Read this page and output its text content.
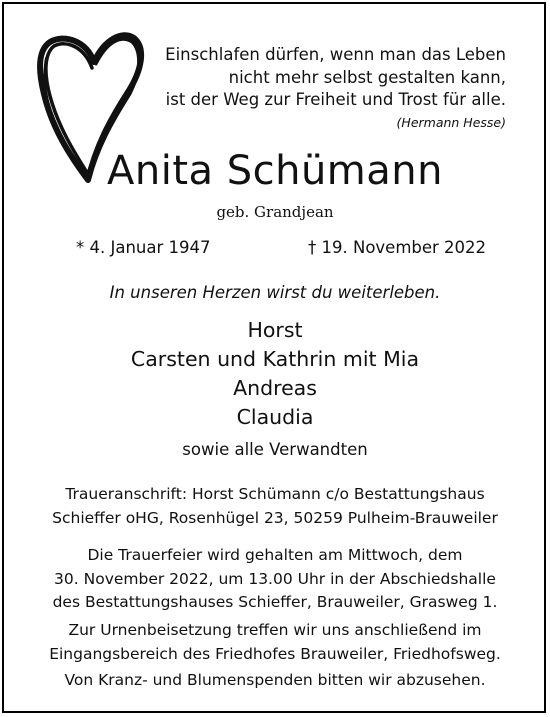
Einschlafen dürfen, wenn man das Leben
nicht mehr selbst gestalten kann,
ist der Weg zur Freiheit und Trost für alle.
(Hermann Hesse)
Anita Schümann
geb. Grandjean
* 4. Januar 1947	† 19. November 2022
In unseren Herzen wirst du weiterleben.
Horst
Carsten und Kathrin mit Mia
Andreas
Claudia
sowie alle Verwandten
Traueranschrift: Horst Schümann c/o Bestattungshaus
Schieffer oHG, Rosenhügel 23, 50259 Pulheim-Brauweiler
Die Trauerfeier wird gehalten am Mittwoch, dem
30. November 2022, um 13.00 Uhr in der Abschiedshalle
des Bestattungshauses Schieffer, Brauweiler, Grasweg 1.
Zur Urnenbeisetzung treffen wir uns anschließend im
Eingangsbereich des Friedhofes Brauweiler, Friedhofsweg.
Von Kranz- und Blumenspenden bitten wir abzusehen.
